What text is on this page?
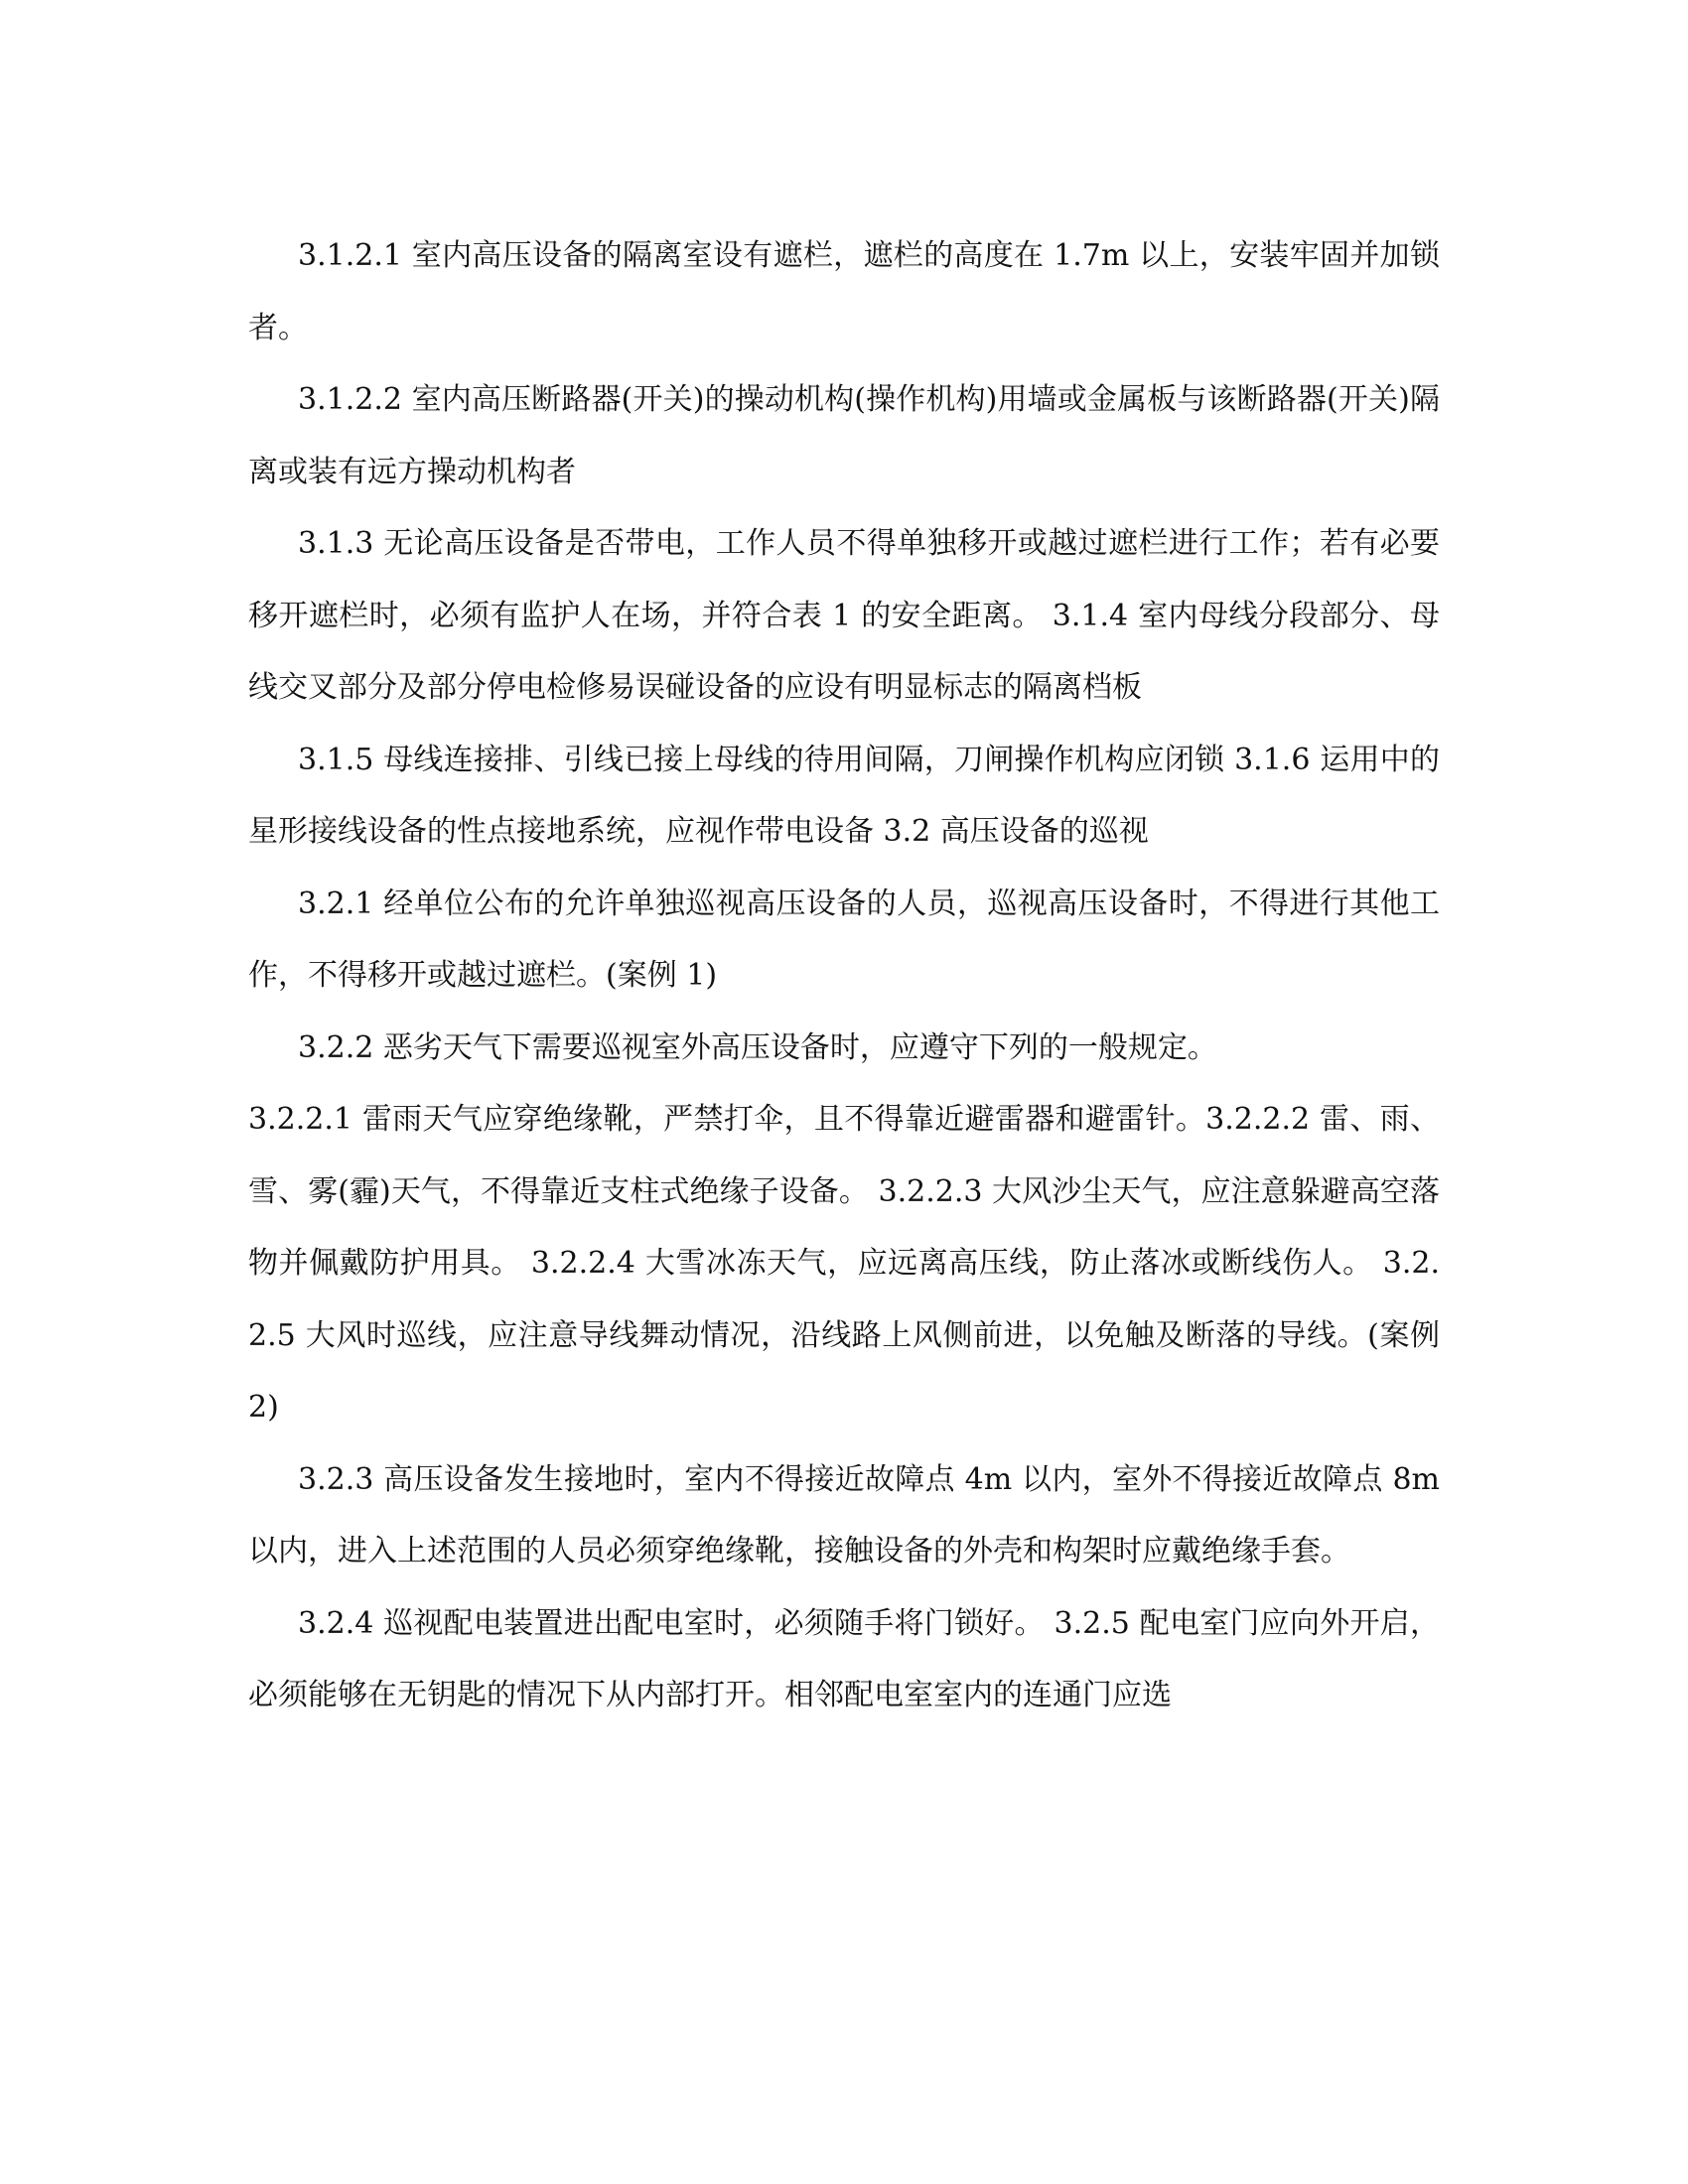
3.1.2.1 室内高压设备的隔离室设有遮栏，遮栏的高度在 1.7m 以上，安装牢固并加锁者。

3.1.2.2 室内高压断路器(开关)的操动机构(操作机构)用墙或金属板与该断路器(开关)隔离或装有远方操动机构者

3.1.3 无论高压设备是否带电，工作人员不得单独移开或越过遮栏进行工作；若有必要移开遮栏时，必须有监护人在场，并符合表 1 的安全距离。 3.1.4 室内母线分段部分、母线交叉部分及部分停电检修易误碰设备的应设有明显标志的隔离档板

3.1.5 母线连接排、引线已接上母线的待用间隔，刀闸操作机构应闭锁 3.1.6 运用中的星形接线设备的性点接地系统，应视作带电设备 3.2 高压设备的巡视

3.2.1 经单位公布的允许单独巡视高压设备的人员，巡视高压设备时，不得进行其他工作，不得移开或越过遮栏。(案例 1)

3.2.2 恶劣天气下需要巡视室外高压设备时，应遵守下列的一般规定。

3.2.2.1 雷雨天气应穿绝缘靴，严禁打伞，且不得靠近避雷器和避雷针。3.2.2.2 雷、雨、雪、雾(霾)天气，不得靠近支柱式绝缘子设备。 3.2.2.3 大风沙尘天气，应注意躲避高空落物并佩戴防护用具。 3.2.2.4 大雪冰冻天气，应远离高压线，防止落冰或断线伤人。 3.2.2.5 大风时巡线，应注意导线舞动情况，沿线路上风侧前进，以免触及断落的导线。(案例 2)

3.2.3 高压设备发生接地时，室内不得接近故障点 4m 以内，室外不得接近故障点 8m 以内，进入上述范围的人员必须穿绝缘靴，接触设备的外壳和构架时应戴绝缘手套。

3.2.4 巡视配电装置进出配电室时，必须随手将门锁好。 3.2.5 配电室门应向外开启，必须能够在无钥匙的情况下从内部打开。相邻配电室室内的连通门应选
